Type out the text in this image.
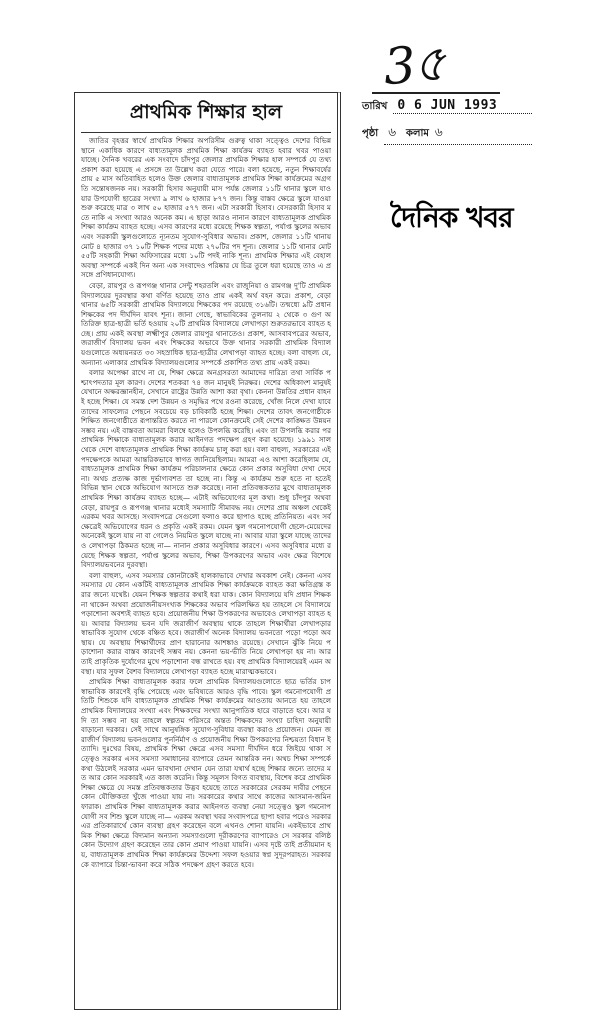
3৫
তারিখ 0 6 JUN 1993
পৃষ্ঠা ৬ কলাম ৬
দৈনিক খবর
প্রাথমিক শিক্ষার হাল

জাতির বৃহত্তর স্বার্থে প্রাথমিক শিক্ষার অপরিসীম গুরুত্ব থাকা সত্ত্বেও দেশের বিভিন্ন স্থানে একাধিক কারণে বাধ্যতামূলক প্রাথমিক শিক্ষা কার্যক্রম ব্যাহত হবার খবর পাওয়া যাচ্ছে। দৈনিক খবরের এক সংবাদে চাঁদপুর জেলার প্রাথমিক শিক্ষার হাল সম্পর্কে যে তথ্য প্রকাশ করা হয়েছে এ প্রসঙ্গে তা উল্লেখ করা যেতে পারে। বলা হয়েছে, নতুন শিক্ষাবর্ষের প্রায় ৫ মাস অতিবাহিত হলেও উক্ত জেলার বাধ্যতামূলক প্রাথমিক শিক্ষা কার্যক্রমের অগ্রগতি সন্তোষজনক নয়। সরকারী হিসাব অনুযায়ী মাস পর্যন্ত জেলার ১১টি থানার স্কুলে যাওয়ার উপযোগী ছাত্রের সংখ্যা ৯ লাখ ৬ হাজার ৮৭৭ জন। কিন্তু বাস্তব ক্ষেত্রে স্কুলে যাওয়া শুরু করেছে মাত্র ৩ লাখ ৫০ হাজার ৫৭৭ জন। এটা সরকারী হিসাব। বেসরকারী হিসাব মতে নাকি এ সংখ্যা আরও অনেক কম। এ ছাড়া আরও নানান কারণে বাধ্যতামূলক প্রাথমিক শিক্ষা কার্যক্রম ব্যাহত হচ্ছে। এসব কারণের মধ্যে রয়েছে শিক্ষক স্বল্পতা, পর্যাপ্ত স্কুলের অভাব এবং সরকারী স্কুলগুলোতে ন্যূনতম সুযোগ-সুবিধার অভাব। প্রকাশ, জেলার ১১টি থানায় মোট ৪ হাজার ৩৭ ১০টি শিক্ষক পদের মধ্যে ২৭০টির পদ শূন্য। জেলার ১১টি থানার মোট ৫৫টি সহকারী শিক্ষা অফিসারের মধ্যে ১০টি পদই নাকি শূন্য। প্রাথমিক শিক্ষার এই বেহাল অবস্থা সম্পর্কে একই দিন অন্য এক সংবাদেও পরিষ্কার যে চিত্র তুলে ধরা হয়েছে তাও এ প্রসঙ্গে প্রণিধানযোগ্য।

বেড়া, রায়পুর ও রূপগঞ্জ থানার সেন্টু শহরতলি এবং রাজুনিয়া ও রামগঞ্জ দু'টি প্রাথমিক বিদ্যালয়ের দুরবস্থার কথা বর্ণিত হয়েছে তাও প্রায় একই অর্থ বহন করে। প্রকাশ, বেড়া থানার ৬৫টি সরকারী প্রাথমিক বিদ্যালয়ে শিক্ষকের পদ রয়েছে ৩১৬টি। তন্মধ্যে ৯টি প্রধান শিক্ষকের পদ দীর্ঘদিন যাবৎ শূন্য। জানা গেছে, স্বাভাবিকের তুলনায় ২ থেকে ৩ গুণ অতিরিক্ত ছাত্র-ছাত্রী ভর্তি হওয়ায় ২০টি প্রাথমিক বিদ্যালয়ে লেখাপড়া শুরুতরভাবে ব্যাহত হচ্ছে। প্রায় একই অবস্থা লক্ষ্মীপুর জেলার রায়পুর থানাতেও। প্রকাশ, আসবাবপত্রের অভাব, জরাজীর্ণ বিদ্যালয় ভবন এবং শিক্ষকের অভাবে উক্ত থানার সরকারী প্রাথমিক বিদ্যালয়গুলোতে অধ্যয়নরত ৩৩ সহস্রাধিক ছাত্র-ছাত্রীর লেখাপড়া ব্যাহত হচ্ছে। বলা বাহুল্য যে, অন্যান্য এলাকার প্রাথমিক বিদ্যালয়গুলোর সম্পর্কে প্রকাশিত তথ্য প্রায় একই রকম।

বলার অপেক্ষা রাখে না যে, শিক্ষা ক্ষেত্রে অনগ্রসরতা আমাদের দারিদ্র্য তথা সার্বিক পশ্চাৎপদতার মূল কারণ। দেশের শতকরা ৭৪ জন মানুষই নিরক্ষর। দেশের অধিকাংশ মানুষই যেখানে অক্ষরজ্ঞানহীন, সেখানে রাষ্ট্রের উন্নতি আশা করা বৃথা। কেননা উন্নতির প্রধান বাহনই হচ্ছে শিক্ষা। যে সমস্ত দেশ উন্নয়ন ও সমৃদ্ধির পথে রওনা করেছে, খোঁজ নিলে দেখা যাবে তাদের সাফল্যের পেছনে সবচেয়ে বড় চাবিকাঠি হচ্ছে শিক্ষা। দেশের তাবৎ জনগোষ্ঠীকে শিক্ষিত জনগোষ্ঠীতে রূপান্তরিত করতে না পারলে কোনক্রমেই সেই দেশের কাঙ্ক্ষিত উন্নয়ন সম্ভব নয়। এই বাস্তবতা আমরা বিলম্বে হলেও উপলব্ধি করেছি। এবং তা উপলব্ধি করার পর প্রাথমিক শিক্ষাকে বাধ্যতামূলক করার আইনগত পদক্ষেপ গ্রহণ করা হয়েছে। ১৯৯১ সাল থেকে দেশে বাধ্যতামূলক প্রাথমিক শিক্ষা কার্যক্রম চালু করা হয়। বলা বাহুল্য, সরকারের এই পদক্ষেপকে আমরা আন্তরিকভাবে স্বাগত জানিয়েছিলাম। আমরা এও আশা করেছিলাম যে, বাধ্যতামূলক প্রাথমিক শিক্ষা কার্যক্রম পরিচালনার ক্ষেত্রে কোন প্রকার অসুবিধা দেখা দেবে না। অথচ প্রত্যক্ষ কাজ দুর্ভাগ্যবশত তা হচ্ছে না। কিন্তু এ কার্যক্রম শুরু হতে না হতেই বিভিন্ন স্থান থেকে অভিযোগ আসতে শুরু করেছে। নানা প্রতিবন্ধকতার মুখে বাধ্যতামূলক প্রাথমিক শিক্ষা কার্যক্রম ব্যাহত হচ্ছে— এটাই অভিযোগের মূল কথা। শুধু চাঁদপুর অথবা বেড়া, রায়পুর ও রূপগঞ্জ থানার মধ্যেই সমস্যাটি সীমাবদ্ধ নয়। দেশের প্রায় অঞ্চল থেকেই এরকম খবর আসছে। সংবাদপত্রে সেগুলো ফলাও করে ছাপাও হচ্ছে প্রতিনিয়ত। এবং সর্বক্ষেত্রেই অভিযোগের ধরন ও প্রকৃতি একই রকম। যেমন স্কুল গমনোপযোগী ছেলে-মেয়েদের অনেকেই স্কুলে যায় না বা গেলেও নিয়মিত স্কুলে যাচ্ছে না। আবার যারা স্কুলে যাচ্ছে তাদেরও লেখাপড়া ঠিকমত হচ্ছে না— নানান প্রকার অসুবিধার কারণে। এসব অসুবিধার মধ্যে রয়েছে শিক্ষক স্বল্পতা, পর্যাপ্ত স্কুলের অভাব, শিক্ষা উপকরণের অভাব এবং ক্ষেত্র বিশেষে বিদ্যালয়ভবনের দুরবস্থা।

বলা বাহুল্য, এসব সমস্যার কোনটাকেই হালকাভাবে দেখার অবকাশ নেই। কেননা এসব সমস্যার যে কোন একটিই বাধ্যতামূলক প্রাথমিক শিক্ষা কার্যক্রমকে ব্যাহত করা ক্ষতিগ্রস্ত করার জন্যে যথেষ্ট। যেমন শিক্ষক স্বল্পতার কথাই ধরা যাক। কোন বিদ্যালয়ে যদি প্রধান শিক্ষক না থাকেন অথবা প্রয়োজনীয়সংখ্যক শিক্ষকের অভাব পরিলক্ষিত হয় তাহলে সে বিদ্যালয়ে পড়াশোনা অবশ্যই ব্যাহত হবে। প্রয়োজনীয় শিক্ষা উপকরণের অভাবেও লেখাপড়া ব্যাহত হয়। আবার বিদ্যালয় ভবন যদি জরাজীর্ণ অবস্থায় থাকে তাহলে শিক্ষার্থীরা লেখাপড়ার স্বাভাবিক সুযোগ থেকে বঞ্চিত হবে। জরাজীর্ণ অনেক বিদ্যালয় ভবনতো পড়ো পড়ো অবস্থায়। যে অবস্থায় শিক্ষার্থীদের প্রাণ হারানোর আশঙ্কাও রয়েছে। সেখানে ঝুঁকি নিয়ে পড়াশোনা করার বাস্তব কারণেই সম্ভব নয়। কেননা ভয়-ভীতি নিয়ে লেখাপড়া হয় না। আর তাই প্রাকৃতিক দুর্যোগের মুখে পড়াশোনা বন্ধ রাখতে হয়। বহু প্রাথমিক বিদ্যালয়েরই এমন অবস্থা। যার সুফল বৈশব বিদ্যালয়ে লেখাপড়া ব্যাহত হচ্ছে মারাত্মকভাবে।

প্রাথমিক শিক্ষা বাধ্যতামূলক করার ফলে প্রাথমিক বিদ্যালয়গুলোতে ছাত্র ভর্তির চাপ স্বাভাবিক কারণেই বৃদ্ধি পেয়েছে এবং ভবিষ্যতে আরও বৃদ্ধি পাবে। স্কুল গমনোপযোগী প্রতিটি শিশুকে যদি বাধ্যতামূলক প্রাথমিক শিক্ষা কার্যক্রমের আওতায় আনতে হয় তাহলে প্রাথমিক বিদ্যালয়ের সংখ্যা এবং শিক্ষকদের সংখ্যা আনুপাতিক হারে বাড়াতে হবে। আর যদি তা সম্ভব না হয় তাহলে স্বল্পতম পরিসরে অন্তত শিক্ষকদের সংখ্যা চাহিদা অনুযায়ী বাড়ানো দরকার। সেই সাথে আনুষঙ্গিক সুযোগ-সুবিধার ব্যবস্থা করাও প্রয়োজন। যেমন জরাজীর্ণ বিদ্যালয় ভবনগুলোর পুনর্নির্মাণ ও প্রয়োজনীয় শিক্ষা উপকরণের নিশ্চয়তা বিধান ইত্যাদি। দুঃখের বিষয়, প্রাথমিক শিক্ষা ক্ষেত্রে এসব সমস্যা দীর্ঘদিন ধরে জিইয়ে থাকা সত্ত্বেও সরকার এসব সমস্যা সমাধানের ব্যাপারে তেমন আন্তরিক নন। অথচ শিক্ষা সম্পর্কে কথা উঠলেই সরকার এমন ভাবখানা দেখান যেন তারা যথার্থ হচ্ছে শিক্ষার জন্যে তাদের মত আর কোন সরকারই এত কাজ করেনি। কিন্তু সমূলস বিগত ব্যবস্থায়, বিশেষ করে প্রাথমিক শিক্ষা ক্ষেত্রে যে সমস্ত প্রতিবন্ধকতার উদ্ভব হয়েছে তাতে সরকারের সেরকম দাবীর পেছনে কোন যৌক্তিকতা খুঁজে পাওয়া যায় না। সরকারের কথার সাথে কাজের আসমান-জমিন ফারাক। প্রাথমিক শিক্ষা বাধ্যতামূলক করার আইনগত ব্যবস্থা নেয়া সত্ত্বেও স্কুল গমনোপযোগী সব শিশু স্কুলে যাচ্ছে না— এরকম অবস্থা খবর সংবাদপত্রে ছাপা হবার পরেও সরকার এর প্রতিকারার্থে কোন ব্যবস্থা গ্রহণ করেছেন বলে এখনও শোনা যায়নি। একইভাবে প্রাথমিক শিক্ষা ক্ষেত্রে বিদ্যমান অন্যান্য সমস্যাগুলো দূরীকরণের ব্যাপারেও সে সরকার বলিষ্ঠ কোন উদ্যোগ গ্রহণ করেছেন তার কোন প্রমাণ পাওয়া যায়নি। এসব দৃষ্টে তাই প্রতীয়মান হয়, বাধ্যতামূলক প্রাথমিক শিক্ষা কার্যক্রমের উদ্দেশ্য সফল হওয়ার স্বপ্ন সুদূরপরাহত। সরকারকে ব্যাপারে চিন্তা-ভাবনা করে সঠিক পদক্ষেপ গ্রহণ করতে হবে।
